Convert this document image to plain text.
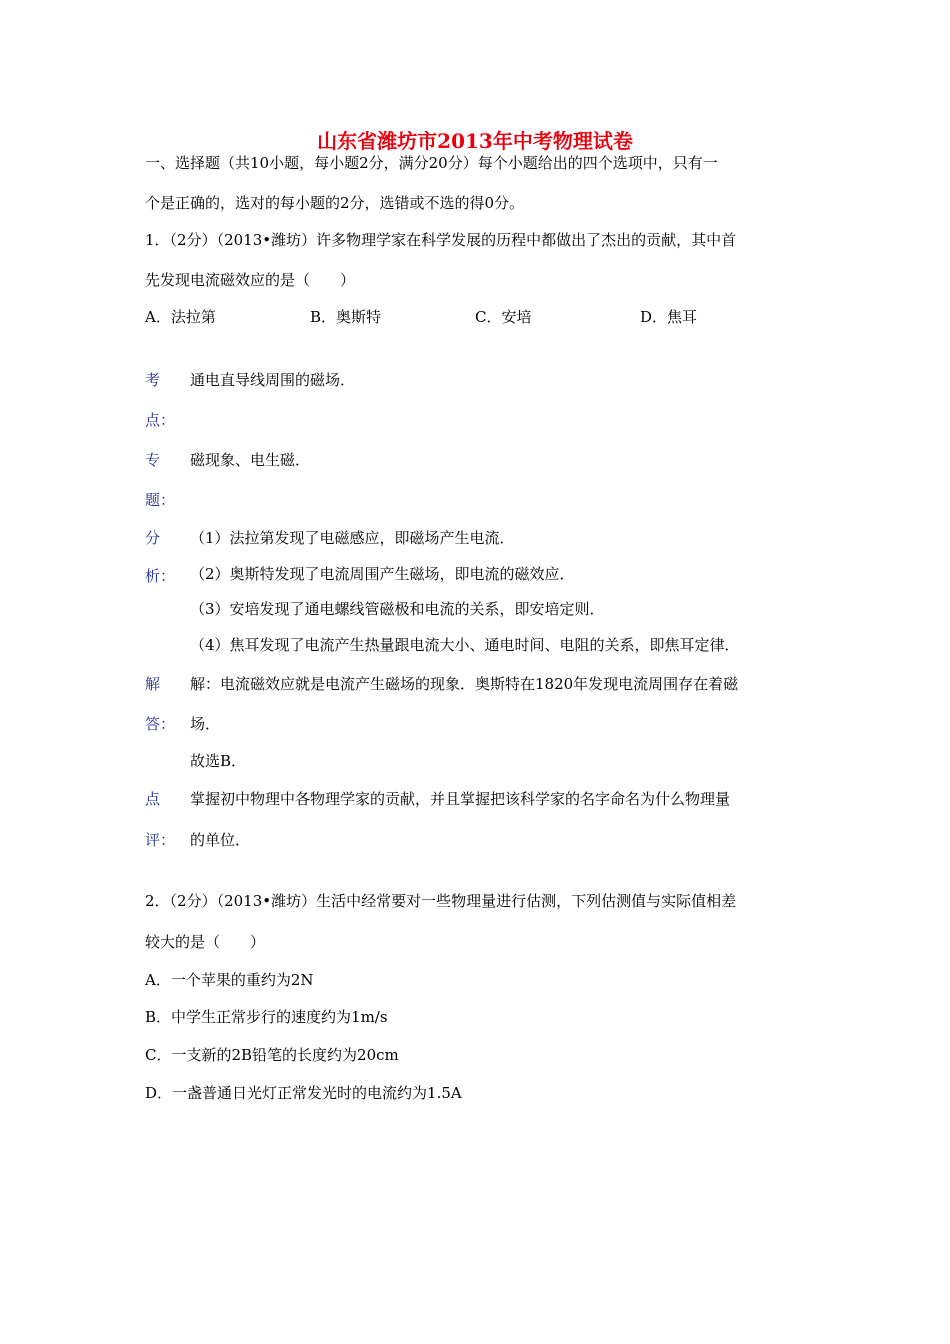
山东省潍坊市2013年中考物理试卷
一、选择题（共10小题，每小题2分，满分20分）每个小题给出的四个选项中，只有一
个是正确的，选对的每小题的2分，选错或不选的得0分。
1．（2分）（2013•潍坊）许多物理学家在科学发展的历程中都做出了杰出的贡献，其中首
先发现电流磁效应的是（　　）
A．法拉第	B．奥斯特	C．安培	D．焦耳
考
点：
通电直导线周围的磁场．
专
题：
磁现象、电生磁．
分
析：
（1）法拉第发现了电磁感应，即磁场产生电流．
（2）奥斯特发现了电流周围产生磁场，即电流的磁效应．
（3）安培发现了通电螺线管磁极和电流的关系，即安培定则．
（4）焦耳发现了电流产生热量跟电流大小、通电时间、电阻的关系，即焦耳定律．
解
答：
解：电流磁效应就是电流产生磁场的现象．奥斯特在1820年发现电流周围存在着磁
场．
故选B．
点
评：
掌握初中物理中各物理学家的贡献，并且掌握把该科学家的名字命名为什么物理量
的单位．
2．（2分）（2013•潍坊）生活中经常要对一些物理量进行估测，下列估测值与实际值相差
较大的是（　　）
A．一个苹果的重约为2N
B．中学生正常步行的速度约为1m/s
C．一支新的2B铅笔的长度约为20cm
D．一盏普通日光灯正常发光时的电流约为1.5A
